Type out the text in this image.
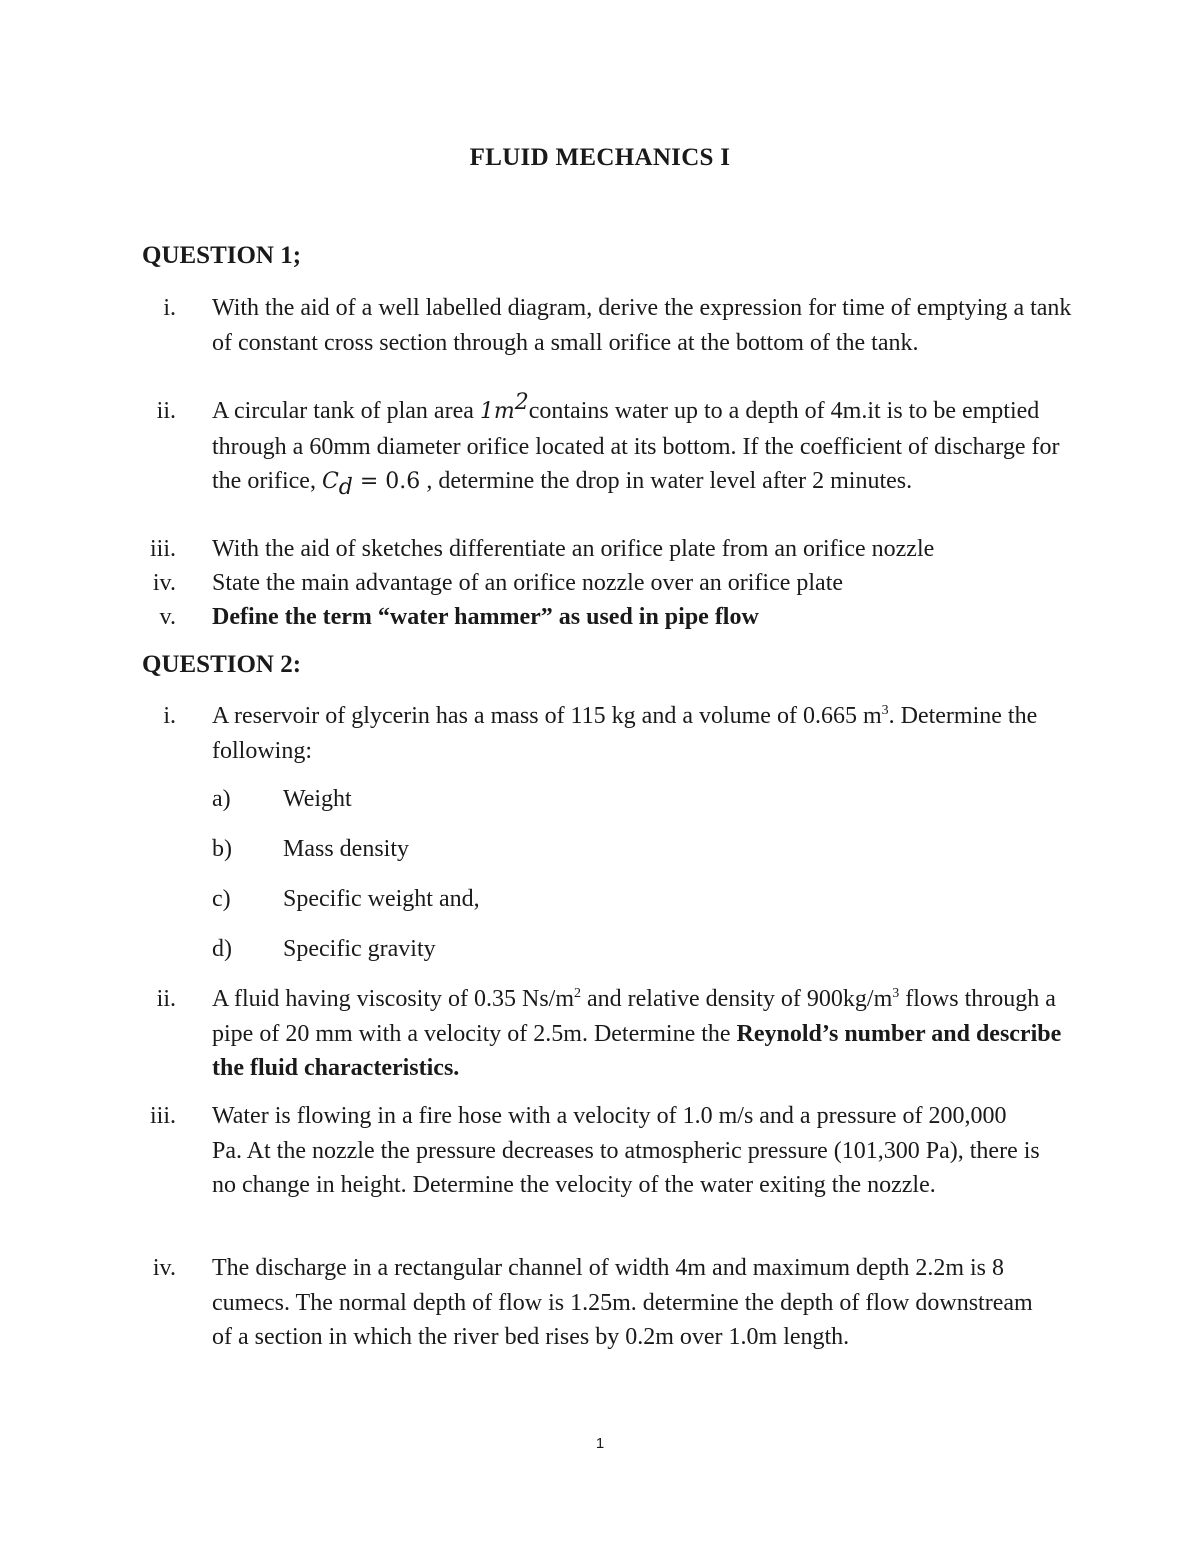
FLUID MECHANICS I
QUESTION 1;
i. With the aid of a well labelled diagram, derive the expression for time of emptying a tank of constant cross section through a small orifice at the bottom of the tank.
ii. A circular tank of plan area $1m^2contains$ water up to a depth of 4m.it is to be emptied through a 60mm diameter orifice located at its bottom. If the coefficient of discharge for the orifice, $C_d = 0.6$ , determine the drop in water level after 2 minutes.
iii. With the aid of sketches differentiate an orifice plate from an orifice nozzle
iv. State the main advantage of an orifice nozzle over an orifice plate
v. Define the term “water hammer” as used in pipe flow
QUESTION 2:
i. A reservoir of glycerin has a mass of 115 kg and a volume of 0.665 $m^3$. Determine the following:
a) Weight
b) Mass density
c) Specific weight and,
d) Specific gravity
ii. A fluid having viscosity of 0.35 $Ns/m^2$ and relative density of $900kg/m^3$ flows through a pipe of 20 mm with a velocity of 2.5m. Determine the Reynold’s number and describe the fluid characteristics.
iii. Water is flowing in a fire hose with a velocity of 1.0 m/s and a pressure of 200,000 Pa. At the nozzle the pressure decreases to atmospheric pressure (101,300 Pa), there is no change in height. Determine the velocity of the water exiting the nozzle.
iv. The discharge in a rectangular channel of width 4m and maximum depth 2.2m is 8 cumecs. The normal depth of flow is 1.25m. determine the depth of flow downstream of a section in which the river bed rises by 0.2m over 1.0m length.
1
